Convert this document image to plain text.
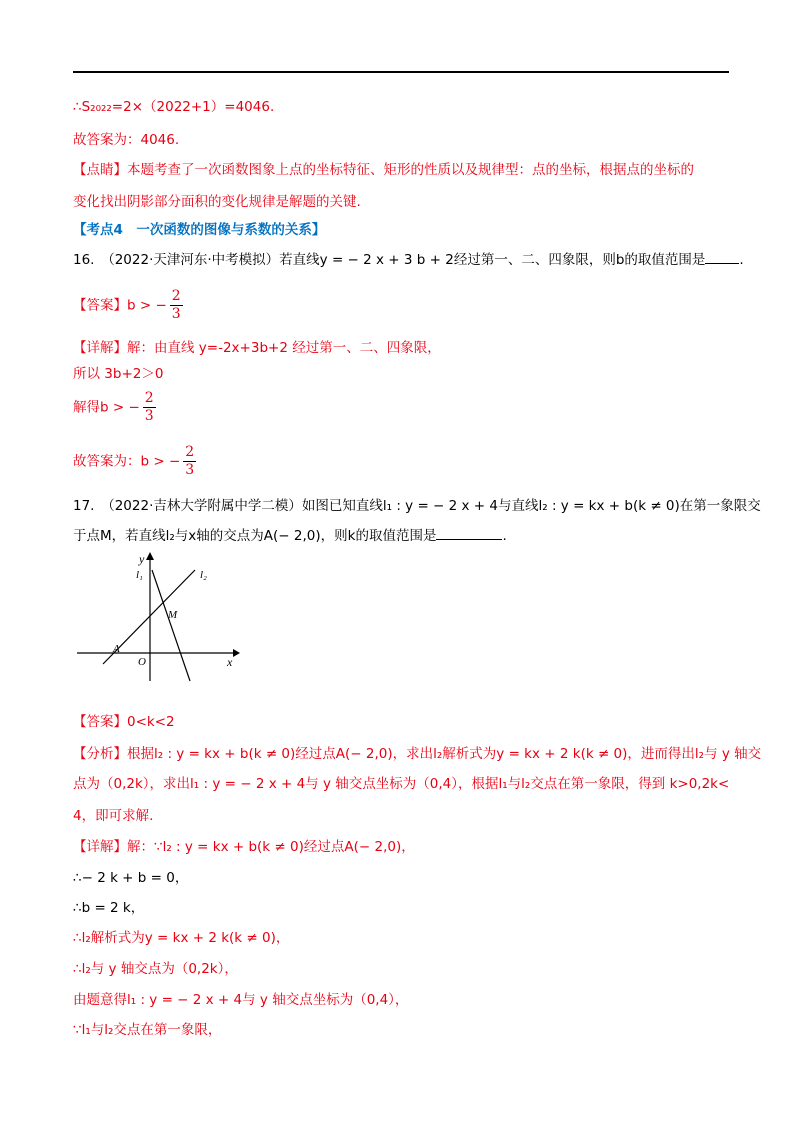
∴S₂₀₂₂=2×（2022+1）=4046.
故答案为：4046.
【点睛】本题考查了一次函数图象上点的坐标特征、矩形的性质以及规律型：点的坐标，根据点的坐标的
变化找出阴影部分面积的变化规律是解题的关键.
【考点4　一次函数的图像与系数的关系】
16.　（2022·天津河东·中考模拟）若直线y = − 2 x + 3 b + 2经过第一、二、四象限，则b的取值范围是	.
【答案】b > − $\frac{2}{3}$
【详解】解：由直线 y=-2x+3b+2 经过第一、二、四象限，
所以 3b+2＞0
解得b > − $\frac{2}{3}$
故答案为：b > − $\frac{2}{3}$
17.　（2022·吉林大学附属中学二模）如图已知直线l₁ : y = − 2 x + 4与直线l₂ : y = kx + b(k ≠ 0)在第一象限交
于点M，若直线l₂与x轴的交点为A(− 2,0)，则k的取值范围是	.
【答案】0<k<2
【分析】根据l₂ : y = kx + b(k ≠ 0)经过点A(− 2,0)，求出l₂解析式为y = kx + 2 k(k ≠ 0)，进而得出l₂与 y 轴交
点为（0,2k），求出l₁ : y = − 2 x + 4与 y 轴交点坐标为（0,4），根据l₁与l₂交点在第一象限，得到 k>0,2k<
4，即可求解.
【详解】解：∵l₂ : y = kx + b(k ≠ 0)经过点A(− 2,0)，
∴− 2 k + b = 0，
∴b = 2 k，
∴l₂解析式为y = kx + 2 k(k ≠ 0)，
∴l₂与 y 轴交点为（0,2k），
由题意得l₁ : y = − 2 x + 4与 y 轴交点坐标为（0,4），
∵l₁与l₂交点在第一象限，
y
x
l₁	l₂
M
A
O
